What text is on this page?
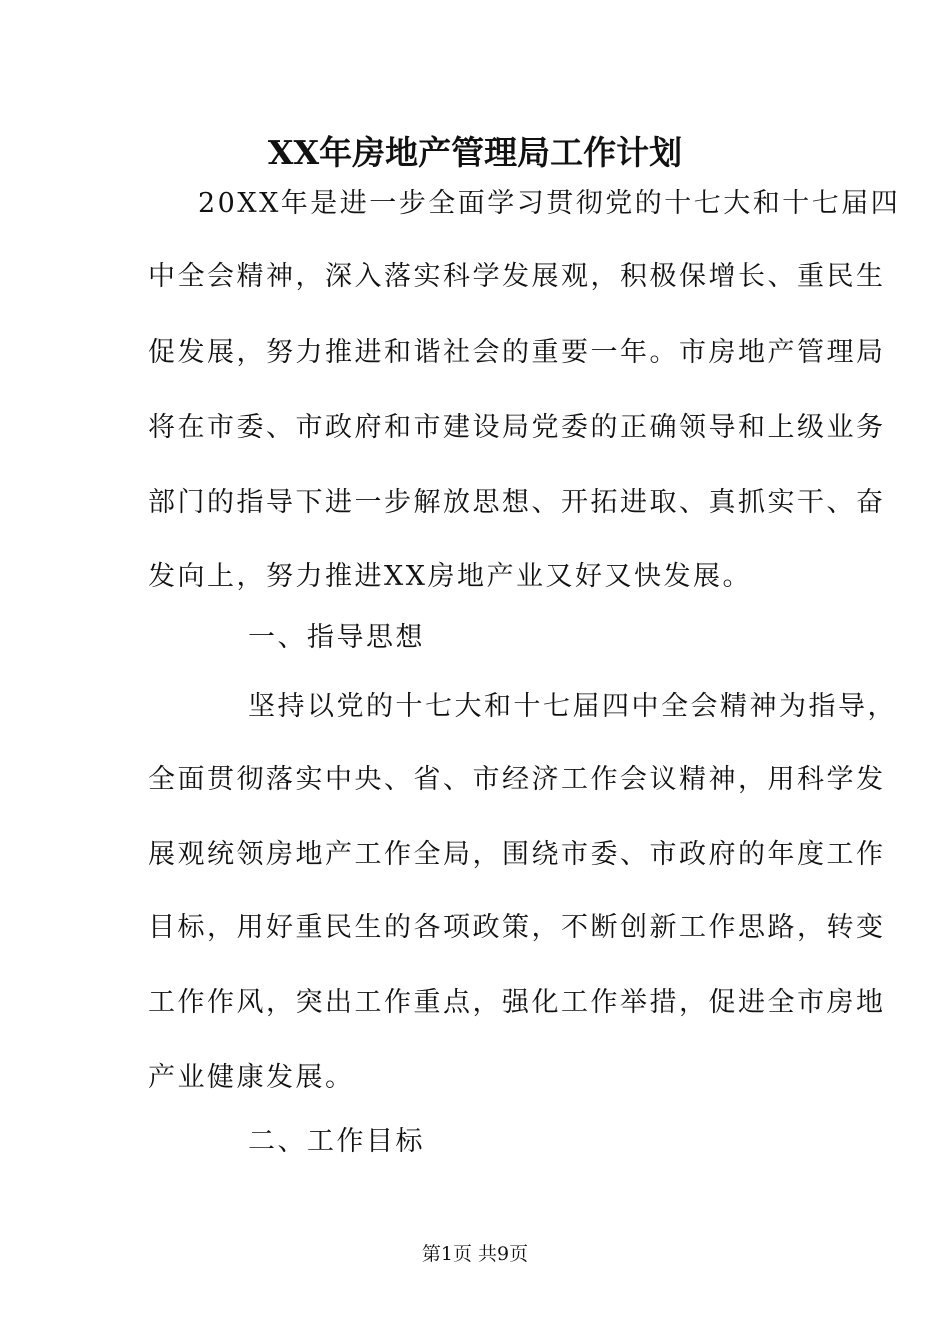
XX年房地产管理局工作计划

20XX年是进一步全面学习贯彻党的十七大和十七届四

中全会精神，深入落实科学发展观，积极保增长、重民生

促发展，努力推进和谐社会的重要一年。市房地产管理局

将在市委、市政府和市建设局党委的正确领导和上级业务

部门的指导下进一步解放思想、开拓进取、真抓实干、奋

发向上，努力推进XX房地产业又好又快发展。

一、指导思想

坚持以党的十七大和十七届四中全会精神为指导，

全面贯彻落实中央、省、市经济工作会议精神，用科学发

展观统领房地产工作全局，围绕市委、市政府的年度工作

目标，用好重民生的各项政策，不断创新工作思路，转变

工作作风，突出工作重点，强化工作举措，促进全市房地

产业健康发展。

二、工作目标

第1页 共9页
